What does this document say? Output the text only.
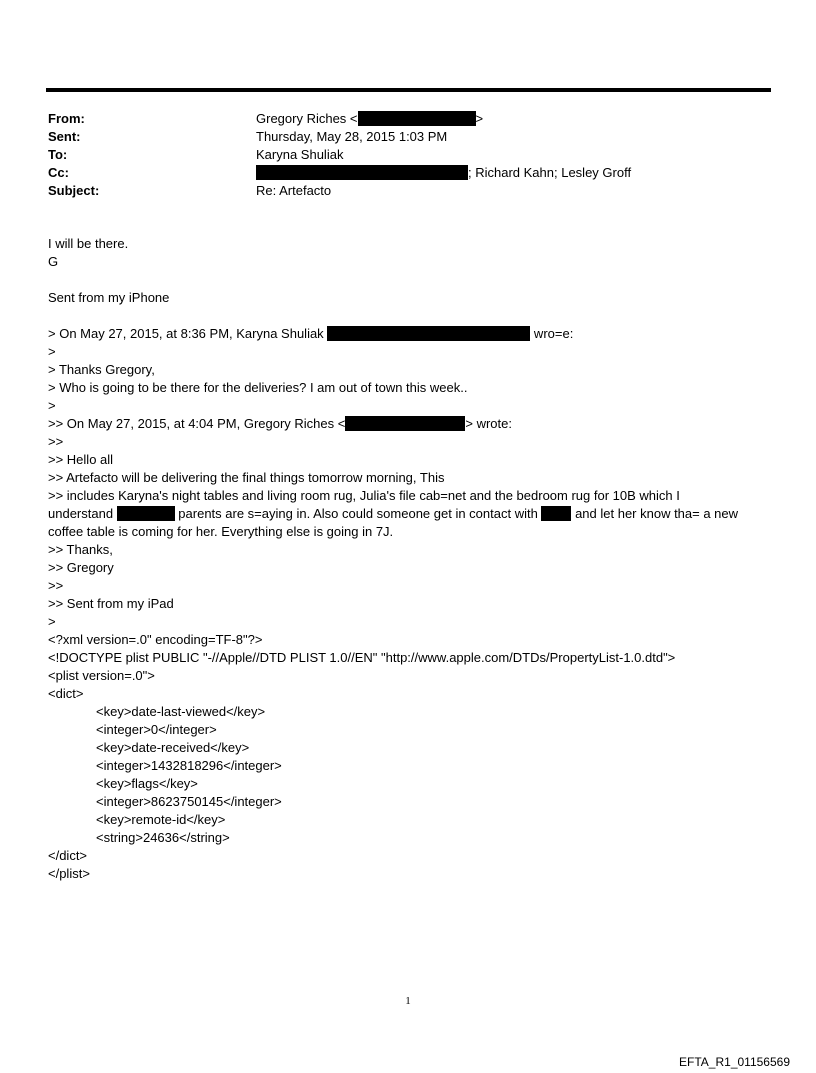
From:	Gregory Riches <	>
Sent:	Thursday, May 28, 2015 1:03 PM
To:	Karyna Shuliak
Cc:	; Richard Kahn; Lesley Groff
Subject:	Re: Artefacto
I will be there.
G
Sent from my iPhone
> On May 27, 2015, at 8:36 PM, Karyna Shuliak	wro=e:
>
> Thanks Gregory,
> Who is going to be there for the deliveries? I am out of town this week..
>
>> On May 27, 2015, at 4:04 PM, Gregory Riches <	> wrote:
>>
>> Hello all
>> Artefacto will be delivering the final things tomorrow morning, This
>> includes Karyna's night tables and living room rug, Julia's file cab=net and the bedroom rug for 10B which I
understand	parents are s=aying in. Also could someone get in contact with	and let her know tha= a new
coffee table is coming for her. Everything else is going in 7J.
>> Thanks,
>> Gregory
>>
>> Sent from my iPad
>
<?xml version=.0" encoding=TF-8"?>
<!DOCTYPE plist PUBLIC "-//Apple//DTD PLIST 1.0//EN" "http://www.apple.com/DTDs/PropertyList-1.0.dtd">
<plist version=.0">
<dict>
<key>date-last-viewed</key>
<integer>0</integer>
<key>date-received</key>
<integer>1432818296</integer>
<key>flags</key>
<integer>8623750145</integer>
<key>remote-id</key>
<string>24636</string>
</dict>
</plist>
1
EFTA_R1_01156569
